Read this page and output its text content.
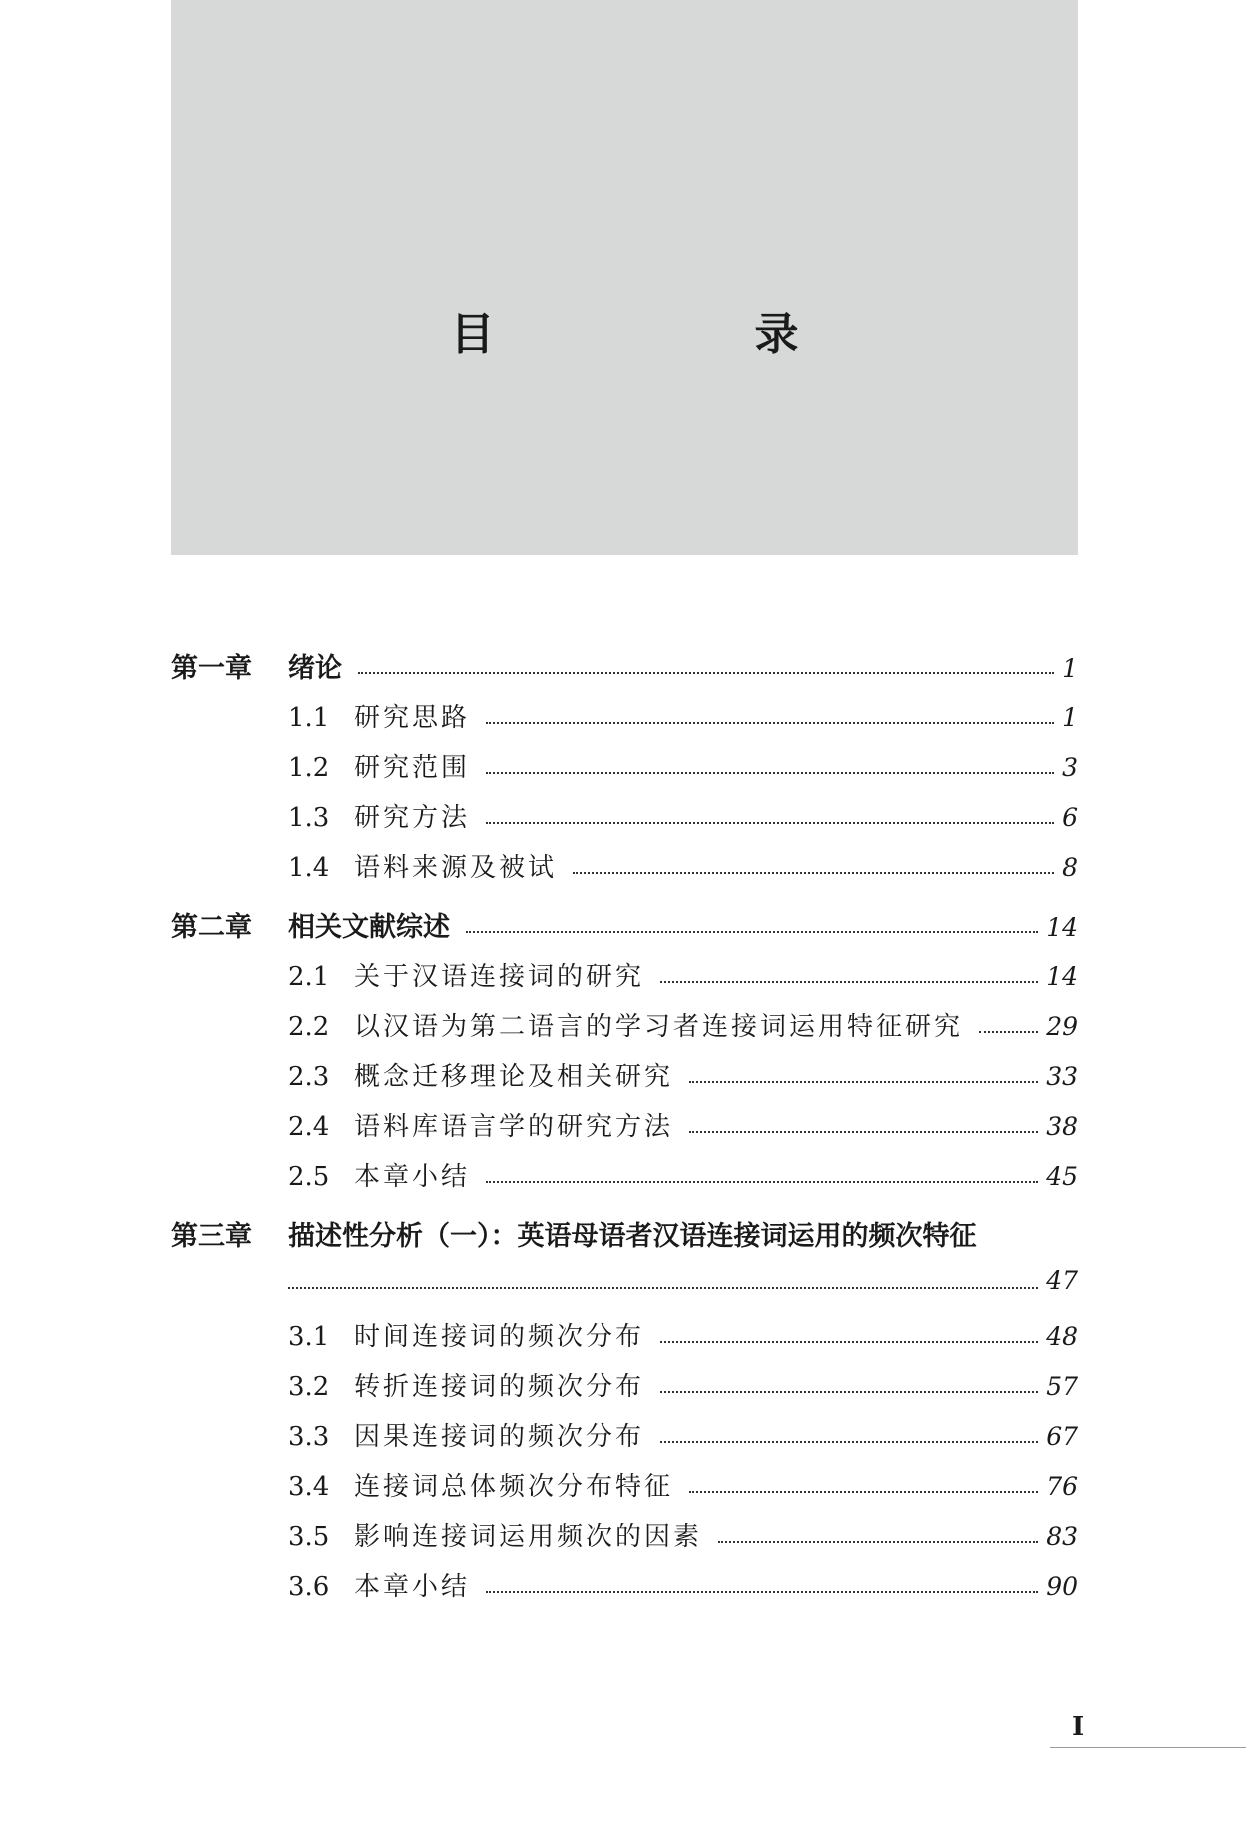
目　录
第一章	绪论	1
1.1 研究思路	1
1.2 研究范围	3
1.3 研究方法	6
1.4 语料来源及被试	8
第二章	相关文献综述	14
2.1 关于汉语连接词的研究	14
2.2 以汉语为第二语言的学习者连接词运用特征研究	29
2.3 概念迁移理论及相关研究	33
2.4 语料库语言学的研究方法	38
2.5 本章小结	45
第三章	描述性分析（一）：英语母语者汉语连接词运用的频次特征
47
3.1 时间连接词的频次分布	48
3.2 转折连接词的频次分布	57
3.3 因果连接词的频次分布	67
3.4 连接词总体频次分布特征	76
3.5 影响连接词运用频次的因素	83
3.6 本章小结	90
I
